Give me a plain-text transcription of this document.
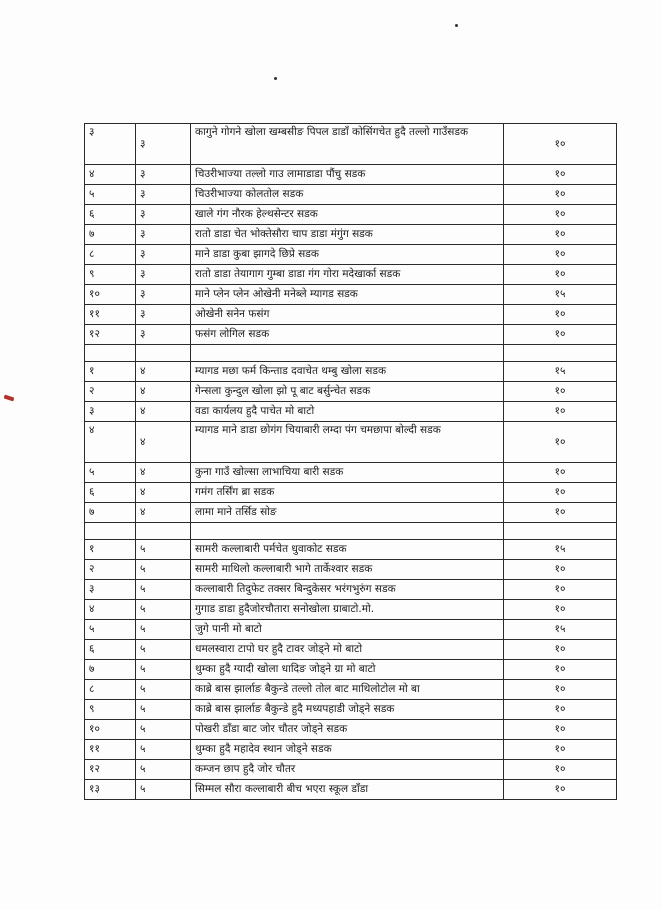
३	३	कागुने गोगने खोला खम्बसीङ पिपल डाडाँ कोसिंगचेत हुदै तल्लो गाउँसडक	१०
४	३	चिउरीभाज्या तल्लो गाउ लामाडाडा पौंचु सडक	१०
५	३	चिउरीभाज्या कोलतोल सडक	१०
६	३	खाले गंग नौरक हेल्थसेन्टर सडक	१०
७	३	रातो डाडा चेत भोक्तेसौरा चाप डाडा मंगुंग सडक	१०
८	३	माने डाडा कुबा झागदे छिप्रे सडक	१०
९	३	रातो डाडा तेयागाग गुम्बा डाडा गंग गोरा मदेखार्का सडक	१०
१०	३	माने प्लेन प्लेन ओखेनी मनेब्ले म्यागड सडक	१५
११	३	ओखेनी सनेन फसंग	१०
१२	३	फसंग लोगिल सडक	१०

१	४	म्यागड मछा फर्म किन्ताड दवाचेत थम्बु खोला सडक	१५
२	४	गेन्सला कुन्दुल खोला झो पू बाट बर्सुन्चेत सडक	१०
३	४	वडा कार्यलय हुदै पाचेत मो बाटो	१०
४	४	म्यागड माने डाडा छोगंग चियाबारी लम्दा पंग चमछापा बोल्दी सडक	१०
५	४	कुना गाउँ खोल्सा लाभाचिया बारी सडक	१०
६	४	गमंग तर्सिंग ब्रा सडक	१०
७	४	लामा माने तर्सिड सोङ	१०

१	५	सामरी कल्लाबारी पर्मचेत धुवाकोट सडक	१५
२	५	सामरी माथिलो कल्लाबारी भागे तार्केश्वार सडक	१०
३	५	कल्लाबारी तिदुफेट तक्सर बिन्दुकेसर भरंगभुरुंग सडक	१०
४	५	गुगाड डाडा हुदैजोरचौतारा सनोखोला ग्राबाटो.मो.	१०
५	५	जुगे पानी मो बाटो	१५
६	५	धमलस्वारा टापो घर हुदै टावर जोड्ने मो बाटो	१०
७	५	थुम्का हुदै ग्यादी खोला धादिङ जोड्ने ग्रा मो बाटो	१०
८	५	काब्रे बास झार्लाङ बैकुन्डे तल्लो तोल बाट माथिलोटोल मो बा	१०
९	५	काब्रे बास झार्लाङ बैकुन्डे हुदै मध्यपहाडी जोड्ने सडक	१०
१०	५	पोखरी डाँडा बाट जोर चौतर जोड्ने सडक	१०
११	५	थुम्का हुदै महादेव स्थान जोड्ने सडक	१०
१२	५	कम्जन छाप हुदै जोर चौतर	१०
१३	५	सिम्मल सौरा कल्लाबारी बीच भएरा स्कूल डाँडा	१०
